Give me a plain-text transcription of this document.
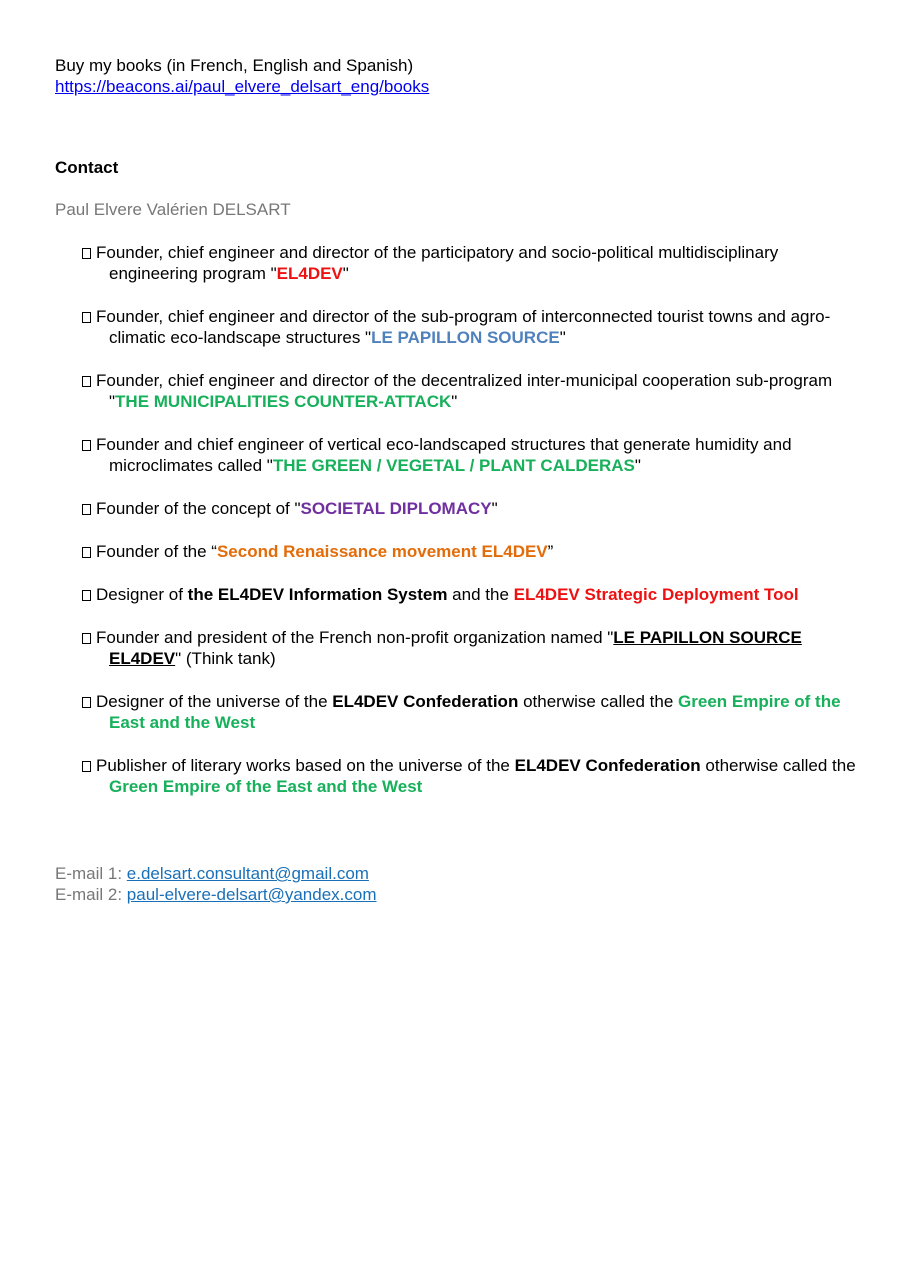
Buy my books (in French, English and Spanish)
https://beacons.ai/paul_elvere_delsart_eng/books
Contact
Paul Elvere Valérien DELSART
Founder, chief engineer and director of the participatory and socio-political multidisciplinary engineering program "EL4DEV"
Founder, chief engineer and director of the sub-program of interconnected tourist towns and agro-climatic eco-landscape structures "LE PAPILLON SOURCE"
Founder, chief engineer and director of the decentralized inter-municipal cooperation sub-program "THE MUNICIPALITIES COUNTER-ATTACK"
Founder and chief engineer of vertical eco-landscaped structures that generate humidity and microclimates called "THE GREEN / VEGETAL / PLANT CALDERAS"
Founder of the concept of "SOCIETAL DIPLOMACY"
Founder of the “Second Renaissance movement EL4DEV”
Designer of the EL4DEV Information System and the EL4DEV Strategic Deployment Tool
Founder and president of the French non-profit organization named "LE PAPILLON SOURCE EL4DEV" (Think tank)
Designer of the universe of the EL4DEV Confederation otherwise called the Green Empire of the East and the West
Publisher of literary works based on the universe of the EL4DEV Confederation otherwise called the Green Empire of the East and the West
E-mail 1: e.delsart.consultant@gmail.com
E-mail 2: paul-elvere-delsart@yandex.com
